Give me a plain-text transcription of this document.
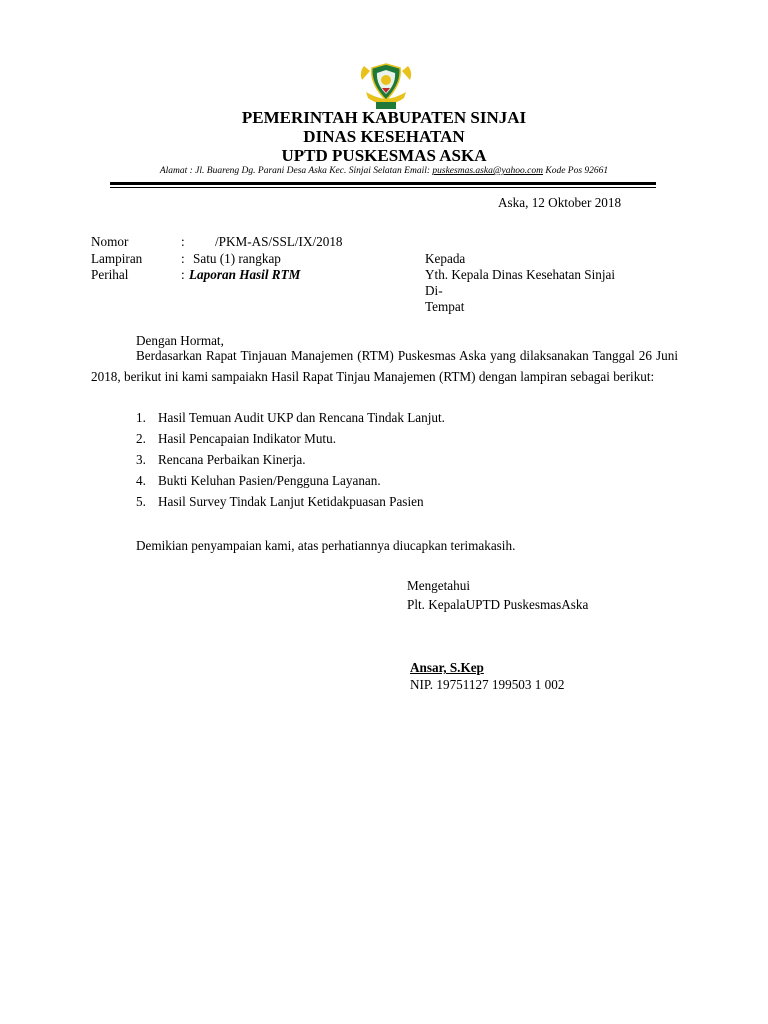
PEMERINTAH KABUPATEN SINJAI
DINAS KESEHATAN
UPTD PUSKESMAS ASKA
Alamat : Jl. Buareng Dg. Parani Desa Aska Kec. Sinjai Selatan Email: puskesmas.aska@yahoo.com Kode Pos 92661
Aska, 12 Oktober 2018
Nomor	: /PKM-AS/SSL/IX/2018
Lampiran	: Satu (1) rangkap
Perihal	: Laporan Hasil RTM
Kepada
Yth. Kepala Dinas Kesehatan Sinjai
Di-
Tempat
Dengan Hormat,
Berdasarkan Rapat Tinjauan Manajemen (RTM) Puskesmas Aska yang dilaksanakan Tanggal 26 Juni 2018, berikut ini kami sampaiakn Hasil Rapat Tinjau Manajemen (RTM) dengan lampiran sebagai berikut:
1. Hasil Temuan Audit UKP dan Rencana Tindak Lanjut.
2. Hasil Pencapaian Indikator Mutu.
3. Rencana Perbaikan Kinerja.
4. Bukti Keluhan Pasien/Pengguna Layanan.
5. Hasil Survey Tindak Lanjut Ketidakpuasan Pasien
Demikian penyampaian kami, atas perhatiannya diucapkan terimakasih.
Mengetahui
Plt. KepalaUPTD PuskesmasAska
Ansar, S.Kep
NIP. 19751127 199503 1 002
